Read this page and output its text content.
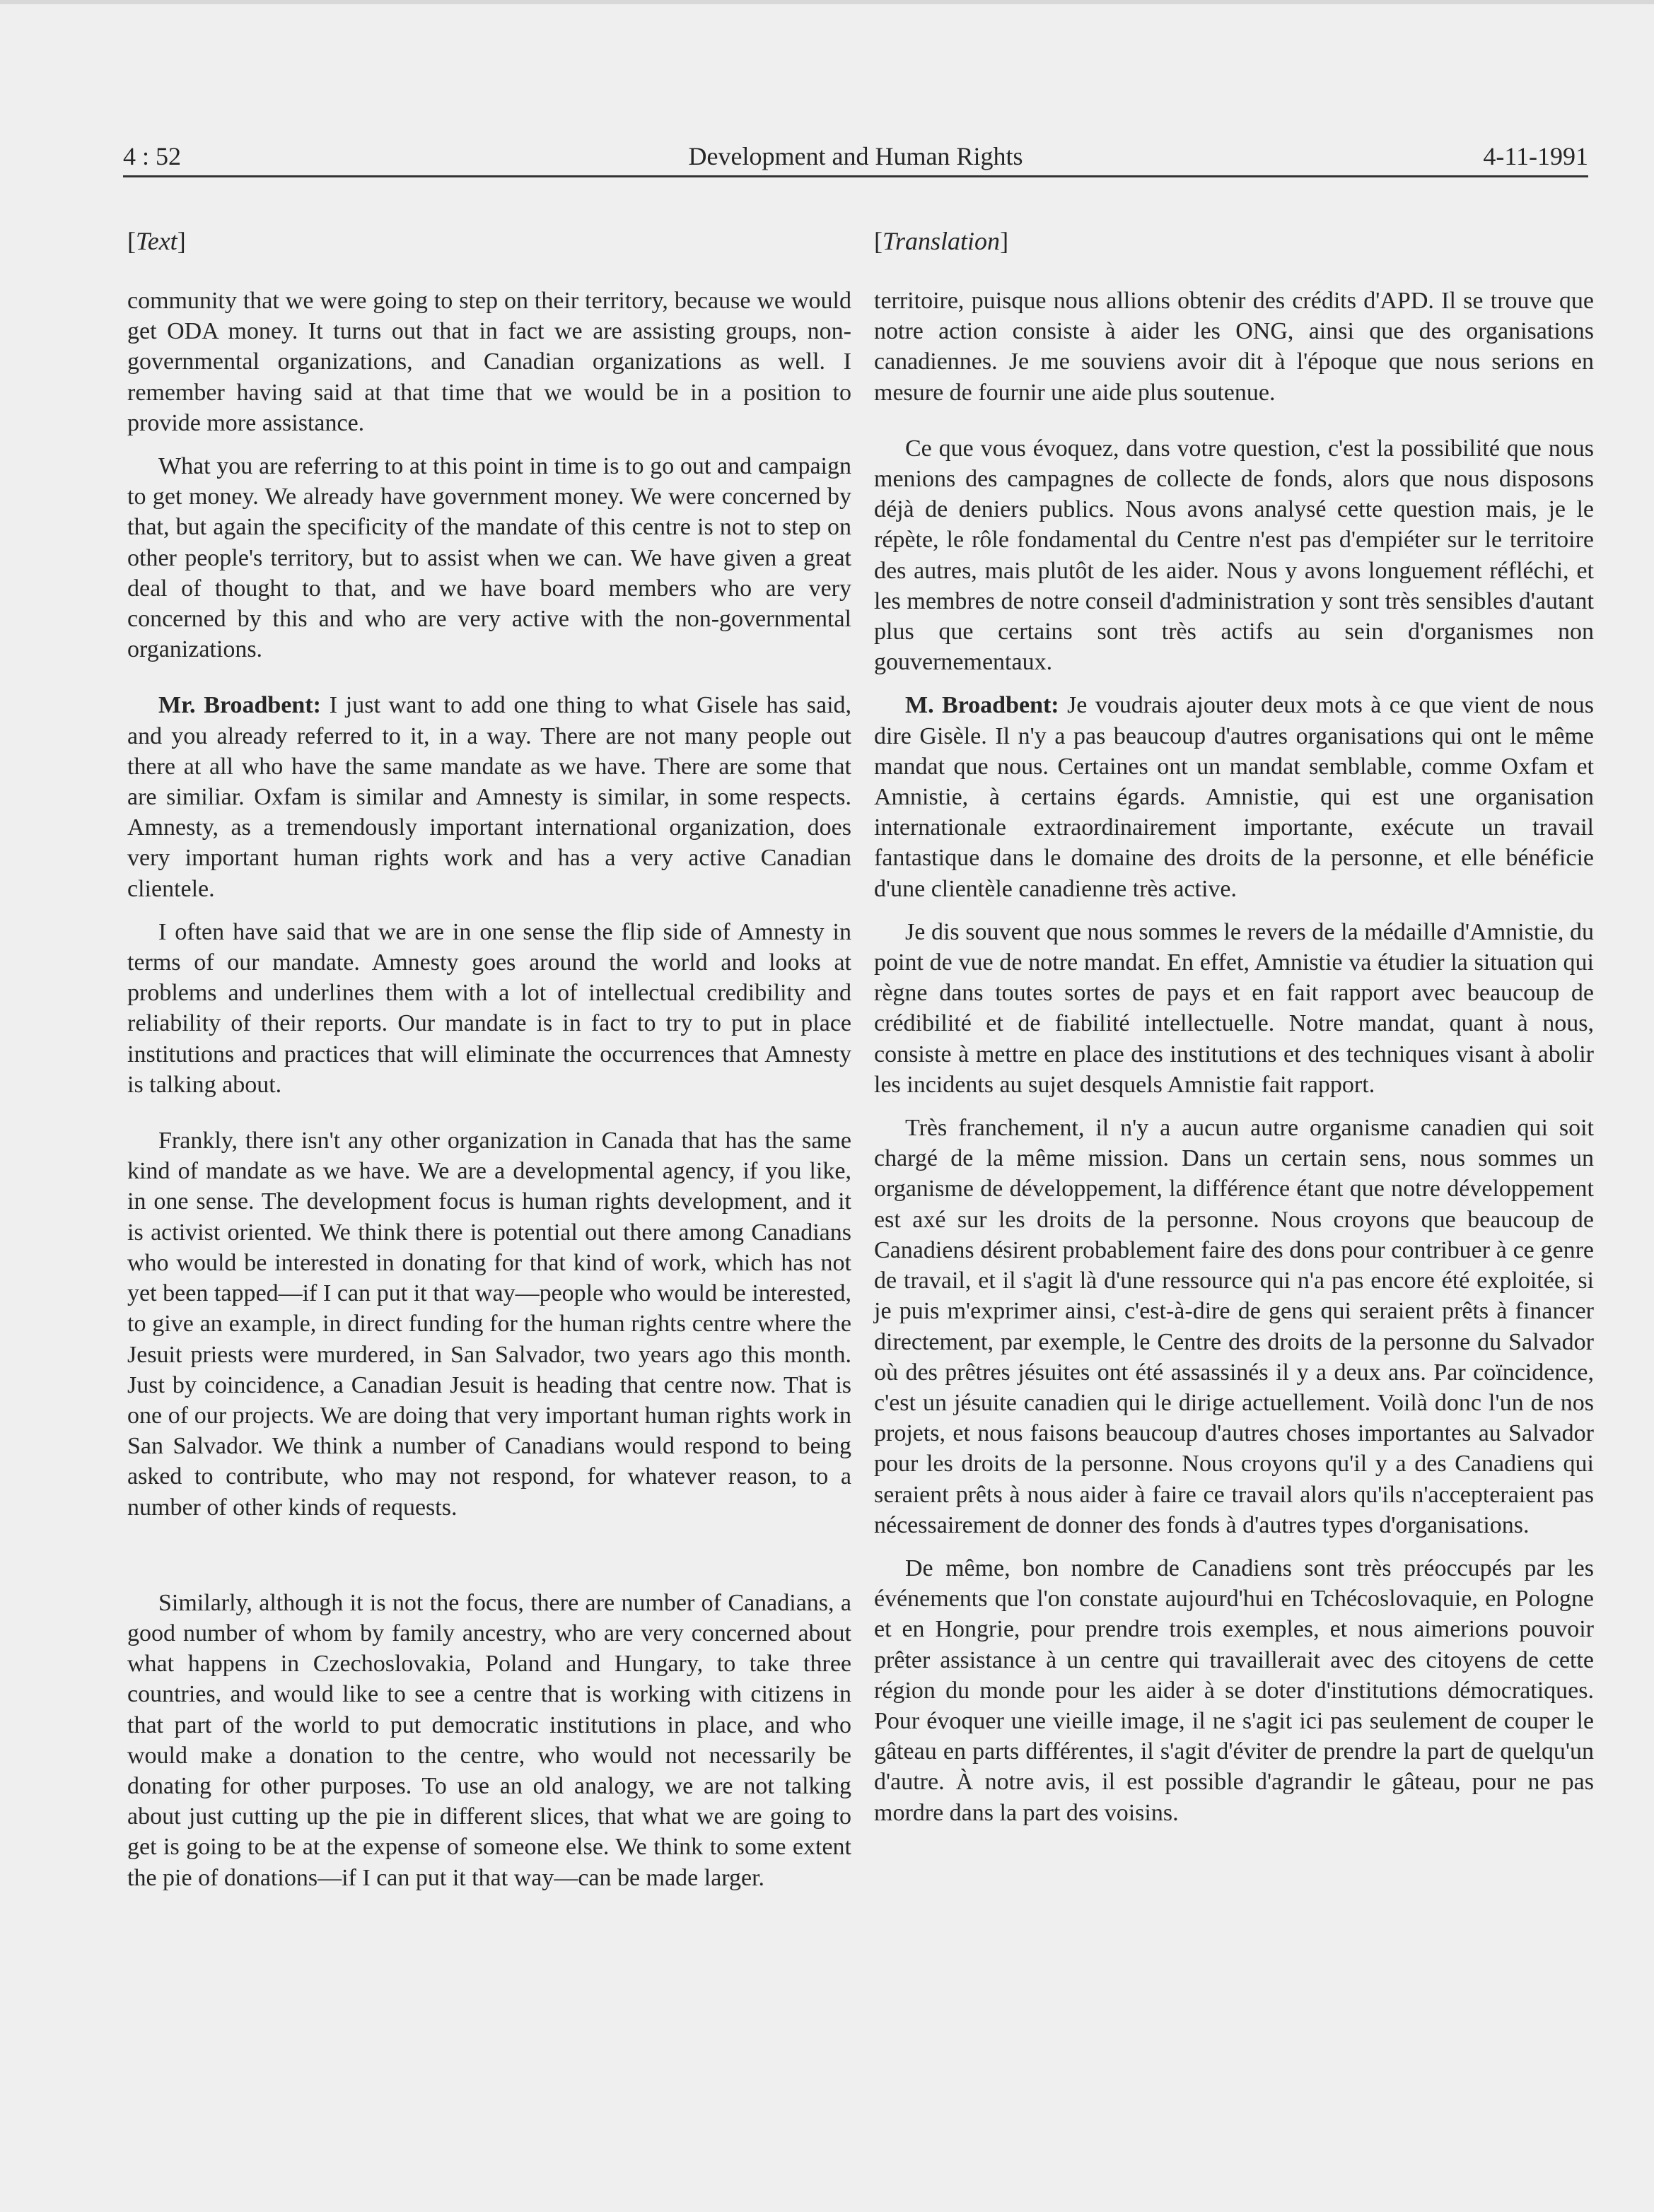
4 : 52	Development and Human Rights	4-11-1991
[Text]

community that we were going to step on their territory, because we would get ODA money. It turns out that in fact we are assisting groups, non-governmental organizations, and Canadian organizations as well. I remember having said at that time that we would be in a position to provide more assistance.

What you are referring to at this point in time is to go out and campaign to get money. We already have government money. We were concerned by that, but again the specificity of the mandate of this centre is not to step on other people's territory, but to assist when we can. We have given a great deal of thought to that, and we have board members who are very concerned by this and who are very active with the non-governmental organizations.

Mr. Broadbent: I just want to add one thing to what Gisele has said, and you already referred to it, in a way. There are not many people out there at all who have the same mandate as we have. There are some that are similiar. Oxfam is similar and Amnesty is similar, in some respects. Amnesty, as a tremendously important international organization, does very important human rights work and has a very active Canadian clientele.

I often have said that we are in one sense the flip side of Amnesty in terms of our mandate. Amnesty goes around the world and looks at problems and underlines them with a lot of intellectual credibility and reliability of their reports. Our mandate is in fact to try to put in place institutions and practices that will eliminate the occurrences that Amnesty is talking about.

Frankly, there isn't any other organization in Canada that has the same kind of mandate as we have. We are a developmental agency, if you like, in one sense. The development focus is human rights development, and it is activist oriented. We think there is potential out there among Canadians who would be interested in donating for that kind of work, which has not yet been tapped—if I can put it that way—people who would be interested, to give an example, in direct funding for the human rights centre where the Jesuit priests were murdered, in San Salvador, two years ago this month. Just by coincidence, a Canadian Jesuit is heading that centre now. That is one of our projects. We are doing that very important human rights work in San Salvador. We think a number of Canadians would respond to being asked to contribute, who may not respond, for whatever reason, to a number of other kinds of requests.

Similarly, although it is not the focus, there are number of Canadians, a good number of whom by family ancestry, who are very concerned about what happens in Czechoslovakia, Poland and Hungary, to take three countries, and would like to see a centre that is working with citizens in that part of the world to put democratic institutions in place, and who would make a donation to the centre, who would not necessarily be donating for other purposes. To use an old analogy, we are not talking about just cutting up the pie in different slices, that what we are going to get is going to be at the expense of someone else. We think to some extent the pie of donations—if I can put it that way—can be made larger.

[Translation]

territoire, puisque nous allions obtenir des crédits d'APD. Il se trouve que notre action consiste à aider les ONG, ainsi que des organisations canadiennes. Je me souviens avoir dit à l'époque que nous serions en mesure de fournir une aide plus soutenue.

Ce que vous évoquez, dans votre question, c'est la possibilité que nous menions des campagnes de collecte de fonds, alors que nous disposons déjà de deniers publics. Nous avons analysé cette question mais, je le répète, le rôle fondamental du Centre n'est pas d'empiéter sur le territoire des autres, mais plutôt de les aider. Nous y avons longuement réfléchi, et les membres de notre conseil d'administration y sont très sensibles d'autant plus que certains sont très actifs au sein d'organismes non gouvernementaux.

M. Broadbent: Je voudrais ajouter deux mots à ce que vient de nous dire Gisèle. Il n'y a pas beaucoup d'autres organisations qui ont le même mandat que nous. Certaines ont un mandat semblable, comme Oxfam et Amnistie, à certains égards. Amnistie, qui est une organisation internationale extraordinairement importante, exécute un travail fantastique dans le domaine des droits de la personne, et elle bénéficie d'une clientèle canadienne très active.

Je dis souvent que nous sommes le revers de la médaille d'Amnistie, du point de vue de notre mandat. En effet, Amnistie va étudier la situation qui règne dans toutes sortes de pays et en fait rapport avec beaucoup de crédibilité et de fiabilité intellectuelle. Notre mandat, quant à nous, consiste à mettre en place des institutions et des techniques visant à abolir les incidents au sujet desquels Amnistie fait rapport.

Très franchement, il n'y a aucun autre organisme canadien qui soit chargé de la même mission. Dans un certain sens, nous sommes un organisme de développement, la différence étant que notre développement est axé sur les droits de la personne. Nous croyons que beaucoup de Canadiens désirent probablement faire des dons pour contribuer à ce genre de travail, et il s'agit là d'une ressource qui n'a pas encore été exploitée, si je puis m'exprimer ainsi, c'est-à-dire de gens qui seraient prêts à financer directement, par exemple, le Centre des droits de la personne du Salvador où des prêtres jésuites ont été assassinés il y a deux ans. Par coïncidence, c'est un jésuite canadien qui le dirige actuellement. Voilà donc l'un de nos projets, et nous faisons beaucoup d'autres choses importantes au Salvador pour les droits de la personne. Nous croyons qu'il y a des Canadiens qui seraient prêts à nous aider à faire ce travail alors qu'ils n'accepteraient pas nécessairement de donner des fonds à d'autres types d'organisations.

De même, bon nombre de Canadiens sont très préoccupés par les événements que l'on constate aujourd'hui en Tchécoslovaquie, en Pologne et en Hongrie, pour prendre trois exemples, et nous aimerions pouvoir prêter assistance à un centre qui travaillerait avec des citoyens de cette région du monde pour les aider à se doter d'institutions démocratiques. Pour évoquer une vieille image, il ne s'agit ici pas seulement de couper le gâteau en parts différentes, il s'agit d'éviter de prendre la part de quelqu'un d'autre. À notre avis, il est possible d'agrandir le gâteau, pour ne pas mordre dans la part des voisins.
